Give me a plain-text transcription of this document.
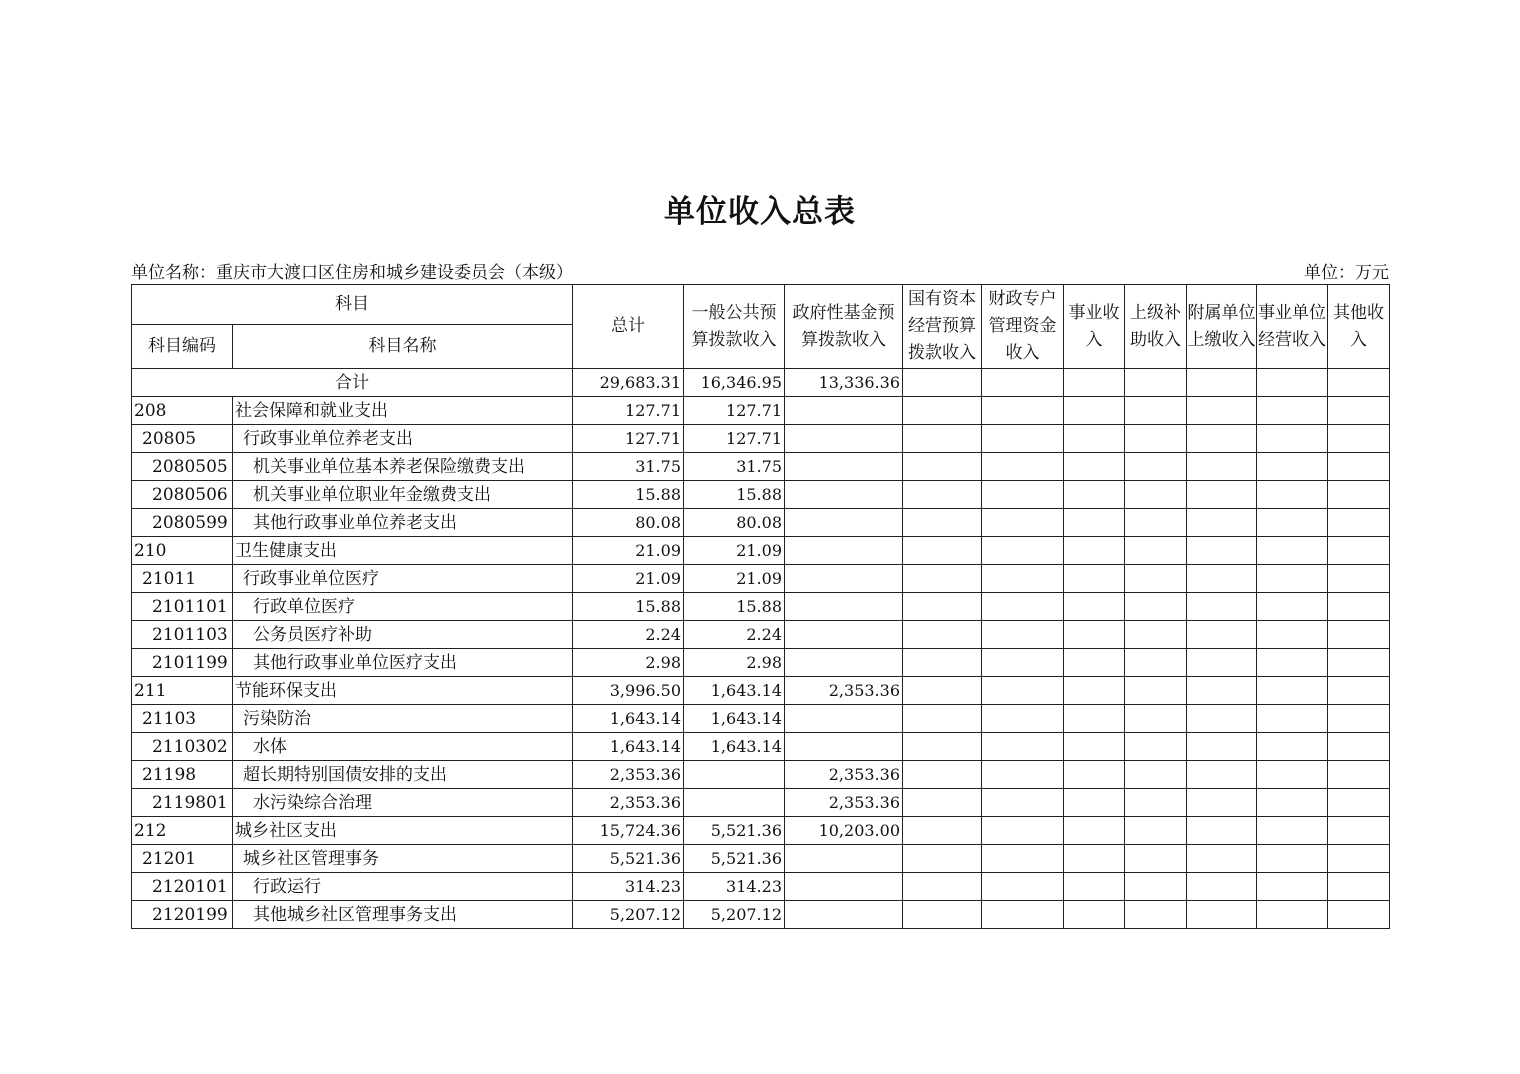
单位收入总表
单位名称：重庆市大渡口区住房和城乡建设委员会（本级）	单位：万元
科目		总计	一般公共预算拨款收入	政府性基金预算拨款收入	国有资本经营预算拨款收入	财政专户管理资金收入	事业收入	上级补助收入	附属单位上缴收入	事业单位经营收入	其他收入
科目编码	科目名称										
合计		29,683.31	16,346.95	13,336.36							
208	社会保障和就业支出	127.71	127.71								
20805	行政事业单位养老支出	127.71	127.71								
2080505	机关事业单位基本养老保险缴费支出	31.75	31.75								
2080506	机关事业单位职业年金缴费支出	15.88	15.88								
2080599	其他行政事业单位养老支出	80.08	80.08								
210	卫生健康支出	21.09	21.09								
21011	行政事业单位医疗	21.09	21.09								
2101101	行政单位医疗	15.88	15.88								
2101103	公务员医疗补助	2.24	2.24								
2101199	其他行政事业单位医疗支出	2.98	2.98								
211	节能环保支出	3,996.50	1,643.14	2,353.36							
21103	污染防治	1,643.14	1,643.14								
2110302	水体	1,643.14	1,643.14								
21198	超长期特别国债安排的支出	2,353.36		2,353.36							
2119801	水污染综合治理	2,353.36		2,353.36							
212	城乡社区支出	15,724.36	5,521.36	10,203.00							
21201	城乡社区管理事务	5,521.36	5,521.36								
2120101	行政运行	314.23	314.23								
2120199	其他城乡社区管理事务支出	5,207.12	5,207.12								
